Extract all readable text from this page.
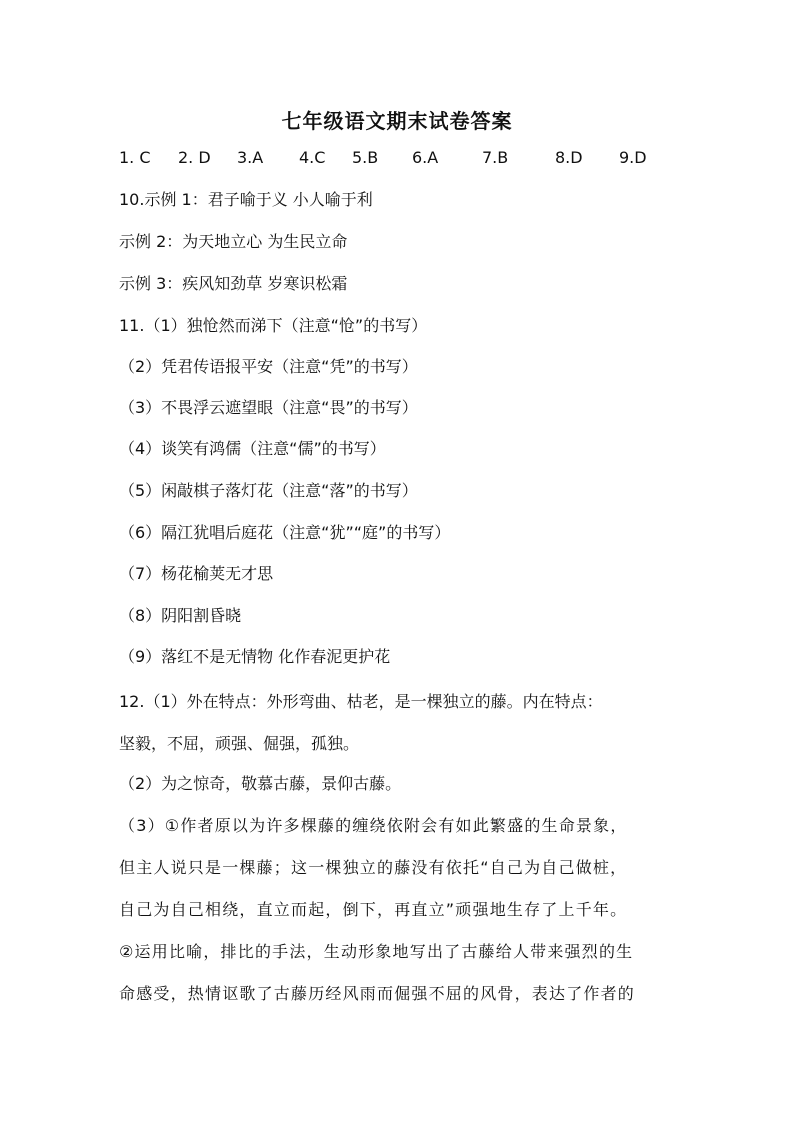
七年级语文期末试卷答案
1. C 2. D 3.A 4.C 5.B 6.A	7.B	8.D 9.D
10.示例 1：君子喻于义 小人喻于利
示例 2：为天地立心 为生民立命
示例 3：疾风知劲草 岁寒识松霜
11.（1）独怆然而涕下（注意“怆”的书写）
（2）凭君传语报平安（注意“凭”的书写）
（3）不畏浮云遮望眼（注意“畏”的书写）
（4）谈笑有鸿儒（注意“儒”的书写）
（5）闲敲棋子落灯花（注意“落”的书写）
（6）隔江犹唱后庭花（注意“犹”“庭”的书写）
（7）杨花榆荚无才思
（8）阴阳割昏晓
（9）落红不是无情物 化作春泥更护花
12.（1）外在特点：外形弯曲、枯老，是一棵独立的藤。内在特点：
坚毅，不屈，顽强、倔强，孤独。
（2）为之惊奇，敬慕古藤，景仰古藤。
（3）①作者原以为许多棵藤的缠绕依附会有如此繁盛的生命景象，
但主人说只是一棵藤；这一棵独立的藤没有依托“自己为自己做桩，
自己为自己相绕，直立而起，倒下，再直立”顽强地生存了上千年。
②运用比喻，排比的手法，生动形象地写出了古藤给人带来强烈的生
命感受，热情讴歌了古藤历经风雨而倔强不屈的风骨，表达了作者的
